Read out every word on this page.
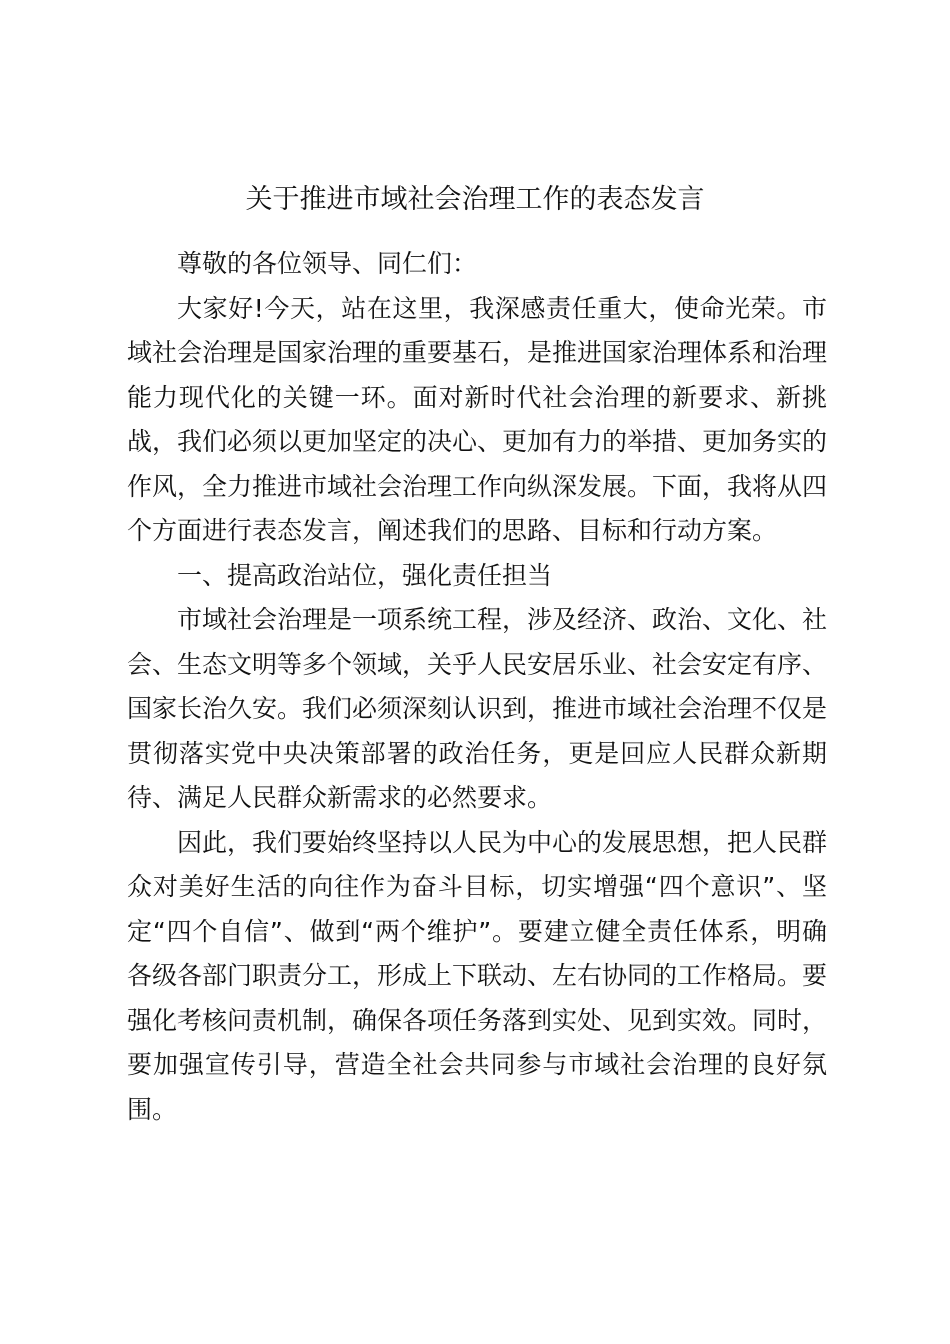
关于推进市域社会治理工作的表态发言

尊敬的各位领导、同仁们：

大家好!今天，站在这里，我深感责任重大，使命光荣。市域社会治理是国家治理的重要基石，是推进国家治理体系和治理能力现代化的关键一环。面对新时代社会治理的新要求、新挑战，我们必须以更加坚定的决心、更加有力的举措、更加务实的作风，全力推进市域社会治理工作向纵深发展。下面，我将从四个方面进行表态发言，阐述我们的思路、目标和行动方案。

一、提高政治站位，强化责任担当

市域社会治理是一项系统工程，涉及经济、政治、文化、社会、生态文明等多个领域，关乎人民安居乐业、社会安定有序、国家长治久安。我们必须深刻认识到，推进市域社会治理不仅是贯彻落实党中央决策部署的政治任务，更是回应人民群众新期待、满足人民群众新需求的必然要求。

因此，我们要始终坚持以人民为中心的发展思想，把人民群众对美好生活的向往作为奋斗目标，切实增强“四个意识”、坚定“四个自信”、做到“两个维护”。要建立健全责任体系，明确各级各部门职责分工，形成上下联动、左右协同的工作格局。要强化考核问责机制，确保各项任务落到实处、见到实效。同时，要加强宣传引导，营造全社会共同参与市域社会治理的良好氛围。
